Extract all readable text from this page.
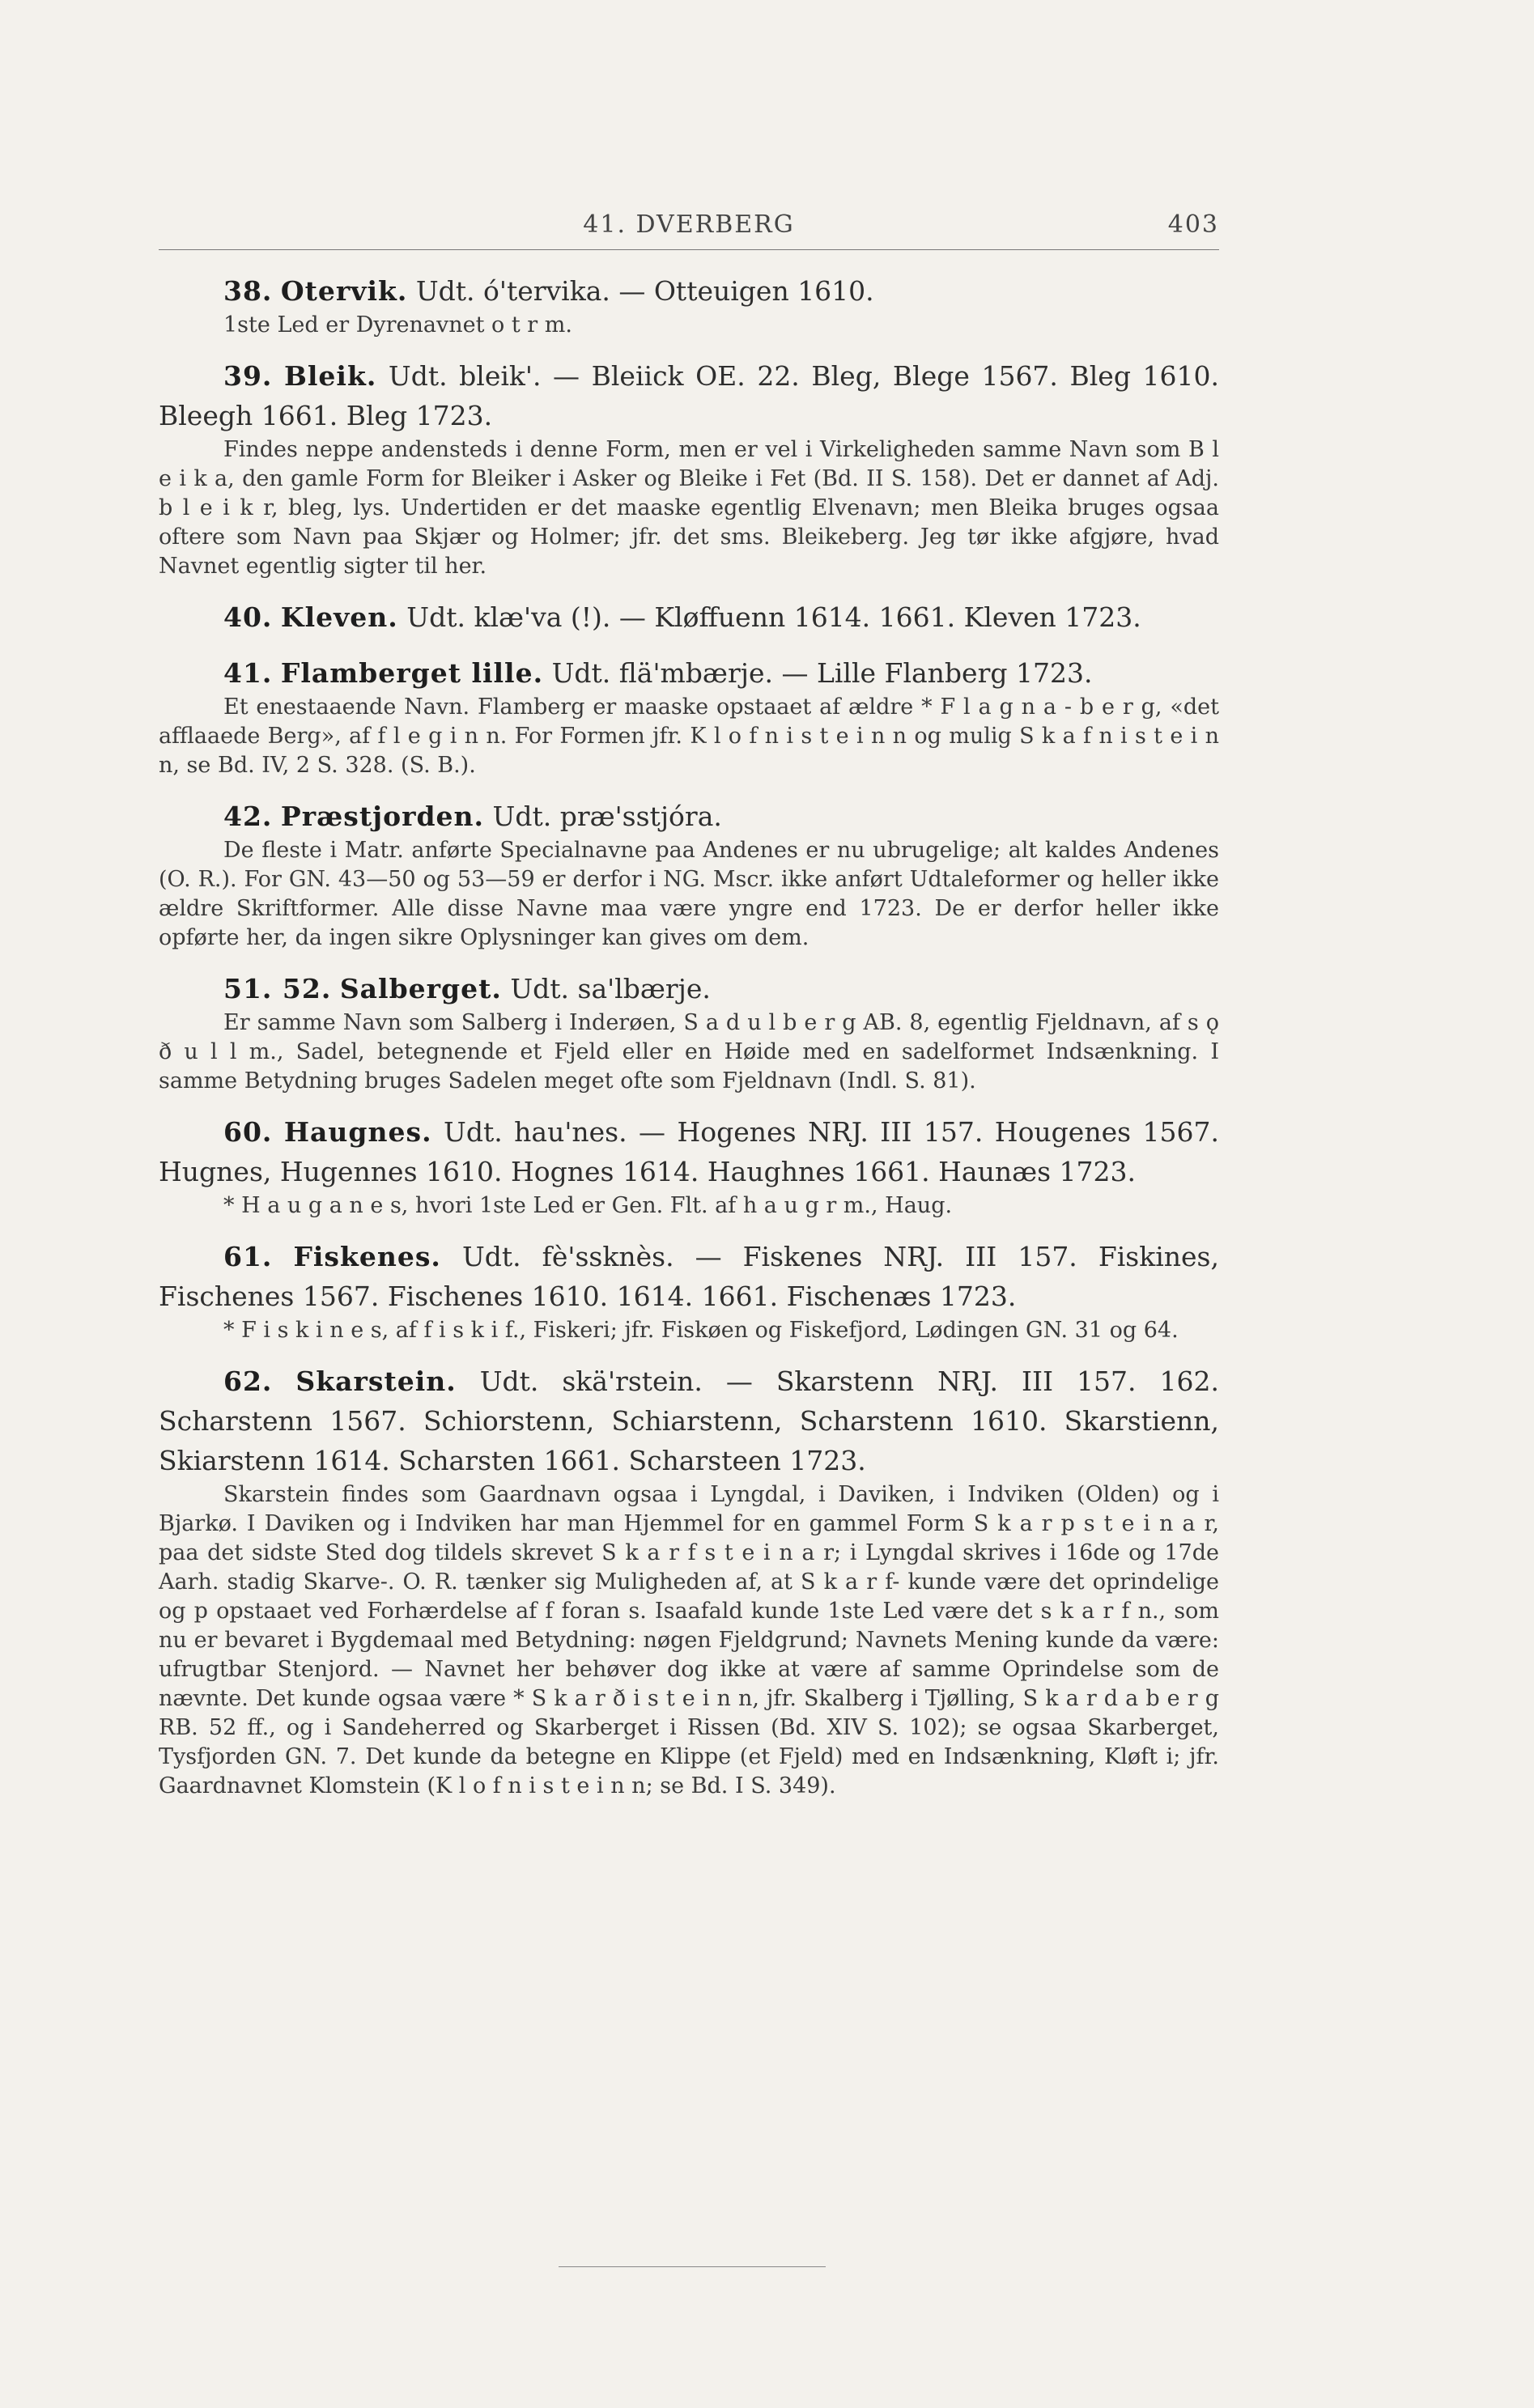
41. DVERBERG	403

38. Otervik. Udt. ó'tervika. — Otteuigen 1610.

1ste Led er Dyrenavnet o t r m.

39. Bleik. Udt. bleik'. — Bleiick OE. 22. Bleg, Blege 1567. Bleg 1610. Bleegh 1661. Bleg 1723.

Findes neppe andensteds i denne Form, men er vel i Virkeligheden samme Navn som B l e i k a, den gamle Form for Bleiker i Asker og Bleike i Fet (Bd. II S. 158). Det er dannet af Adj. b l e i k r, bleg, lys. Undertiden er det maaske egentlig Elvenavn; men Bleika bruges ogsaa oftere som Navn paa Skjær og Holmer; jfr. det sms. Bleikeberg. Jeg tør ikke afgjøre, hvad Navnet egentlig sigter til her.

40. Kleven. Udt. klæ'va (!). — Kløffuenn 1614. 1661. Kleven 1723.

41. Flamberget lille. Udt. flä'mbærje. — Lille Flanberg 1723.

Et enestaaende Navn. Flamberg er maaske opstaaet af ældre * F l a g n a - b e r g, «det afflaaede Berg», af f l e g i n n. For Formen jfr. K l o f n i s t e i n n og mulig S k a f n i s t e i n n, se Bd. IV, 2 S. 328. (S. B.).

42. Præstjorden. Udt. præ'sstjóra.

De fleste i Matr. anførte Specialnavne paa Andenes er nu ubrugelige; alt kaldes Andenes (O. R.). For GN. 43—50 og 53—59 er derfor i NG. Mscr. ikke anført Udtaleformer og heller ikke ældre Skriftformer. Alle disse Navne maa være yngre end 1723. De er derfor heller ikke opførte her, da ingen sikre Oplysninger kan gives om dem.

51. 52. Salberget. Udt. sa'lbærje.

Er samme Navn som Salberg i Inderøen, S a d u l b e r g AB. 8, egentlig Fjeldnavn, af s ǫ ð u l l m., Sadel, betegnende et Fjeld eller en Høide med en sadelformet Indsænkning. I samme Betydning bruges Sadelen meget ofte som Fjeldnavn (Indl. S. 81).

60. Haugnes. Udt. hau'nes. — Hogenes NRJ. III 157. Hougenes 1567. Hugnes, Hugennes 1610. Hognes 1614. Haughnes 1661. Haunæs 1723.

* H a u g a n e s, hvori 1ste Led er Gen. Flt. af h a u g r m., Haug.

61. Fiskenes. Udt. fè'ssknès. — Fiskenes NRJ. III 157. Fiskines, Fischenes 1567. Fischenes 1610. 1614. 1661. Fischenæs 1723.

* F i s k i n e s, af f i s k i f., Fiskeri; jfr. Fiskøen og Fiskefjord, Lødingen GN. 31 og 64.

62. Skarstein. Udt. skä'rstein. — Skarstenn NRJ. III 157. 162. Scharstenn 1567. Schiorstenn, Schiarstenn, Scharstenn 1610. Skarstienn, Skiarstenn 1614. Scharsten 1661. Scharsteen 1723.

Skarstein findes som Gaardnavn ogsaa i Lyngdal, i Daviken, i Indviken (Olden) og i Bjarkø. I Daviken og i Indviken har man Hjemmel for en gammel Form S k a r p s t e i n a r, paa det sidste Sted dog tildels skrevet S k a r f s t e i n a r; i Lyngdal skrives i 16de og 17de Aarh. stadig Skarve-. O. R. tænker sig Muligheden af, at S k a r f- kunde være det oprindelige og p opstaaet ved Forhærdelse af f foran s. Isaafald kunde 1ste Led være det s k a r f n., som nu er bevaret i Bygdemaal med Betydning: nøgen Fjeldgrund; Navnets Mening kunde da være: ufrugtbar Stenjord. — Navnet her behøver dog ikke at være af samme Oprindelse som de nævnte. Det kunde ogsaa være * S k a r ð i s t e i n n, jfr. Skalberg i Tjølling, S k a r d a b e r g RB. 52 ff., og i Sandeherred og Skarberget i Rissen (Bd. XIV S. 102); se ogsaa Skarberget, Tysfjorden GN. 7. Det kunde da betegne en Klippe (et Fjeld) med en Indsænkning, Kløft i; jfr. Gaardnavnet Klomstein (K l o f n i s t e i n n; se Bd. I S. 349).
